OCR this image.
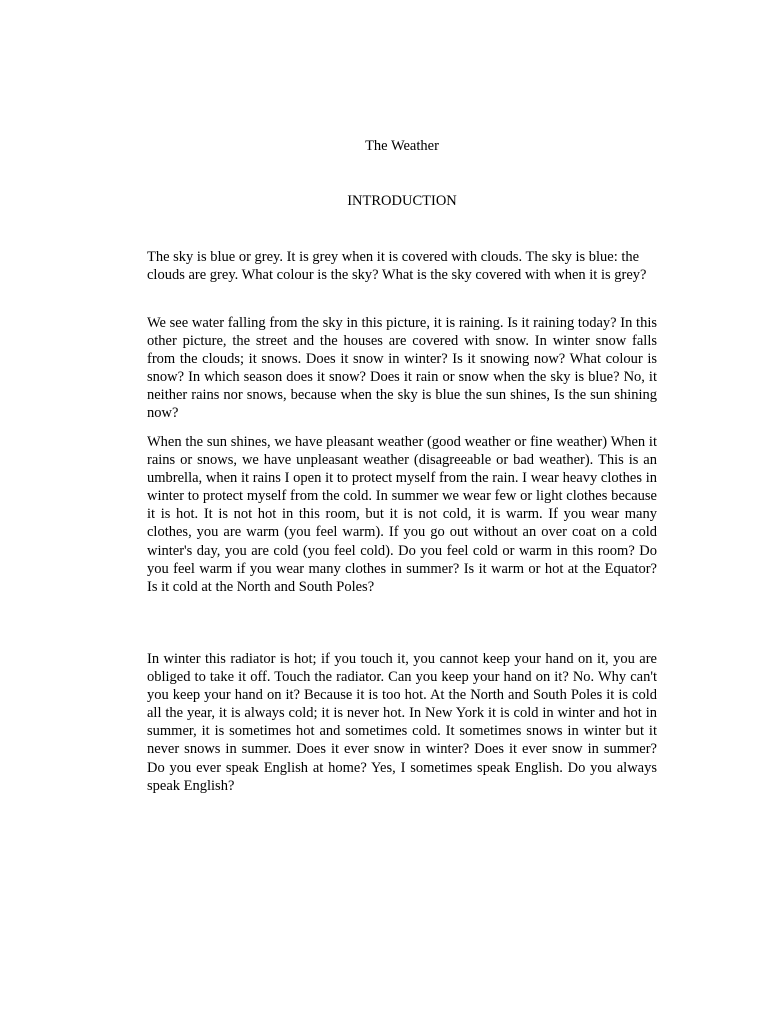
The Weather
INTRODUCTION

The sky is blue or grey. It is grey when it is covered with clouds. The sky is blue: the clouds are grey. What colour is the sky? What is the sky covered with when it is grey?

We see water falling from the sky in this picture, it is raining. Is it raining today? In this other picture, the street and the houses are covered with snow. In winter snow falls from the clouds; it snows. Does it snow in winter? Is it snowing now? What colour is snow? In which season does it snow? Does it rain or snow when the sky is blue? No, it neither rains nor snows, because when the sky is blue the sun shines, Is the sun shining now?

When the sun shines, we have pleasant weather (good weather or fine weather) When it rains or snows, we have unpleasant weather (disagreeable or bad weather). This is an umbrella, when it rains I open it to protect myself from the rain. I wear heavy clothes in winter to protect myself from the cold. In summer we wear few or light clothes because it is hot. It is not hot in this room, but it is not cold, it is warm. If you wear many clothes, you are warm (you feel warm). If you go out without an over coat on a cold winter's day, you are cold (you feel cold). Do you feel cold or warm in this room? Do you feel warm if you wear many clothes in summer? Is it warm or hot at the Equator? Is it cold at the North and South Poles?

In winter this radiator is hot; if you touch it, you cannot keep your hand on it, you are obliged to take it off. Touch the radiator. Can you keep your hand on it? No. Why can't you keep your hand on it? Because it is too hot. At the North and South Poles it is cold all the year, it is always cold; it is never hot. In New York it is cold in winter and hot in summer, it is sometimes hot and sometimes cold. It sometimes snows in winter but it never snows in summer. Does it ever snow in winter? Does it ever snow in summer? Do you ever speak English at home? Yes, I sometimes speak English. Do you always speak English?
